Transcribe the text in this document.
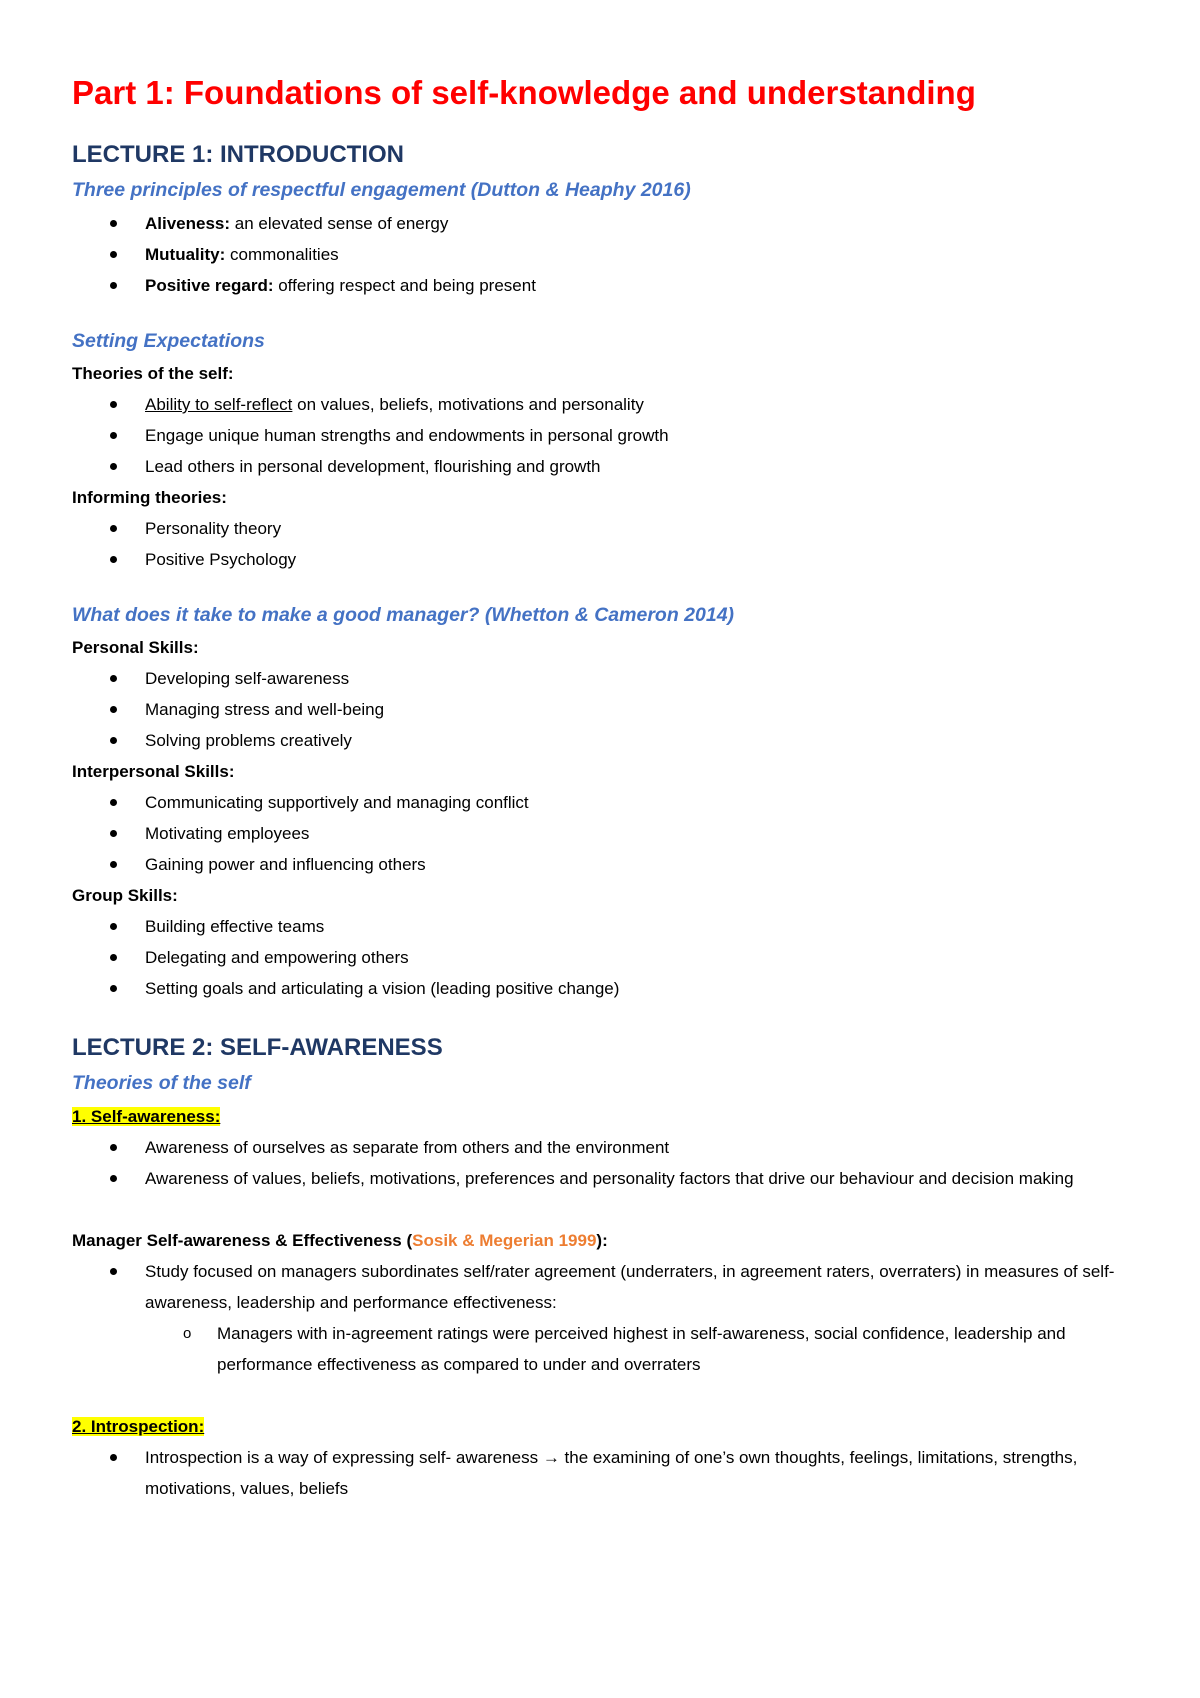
Part 1: Foundations of self-knowledge and understanding
LECTURE 1: INTRODUCTION
Three principles of respectful engagement (Dutton & Heaphy 2016)
Aliveness: an elevated sense of energy
Mutuality: commonalities
Positive regard: offering respect and being present
Setting Expectations
Theories of the self:
Ability to self-reflect on values, beliefs, motivations and personality
Engage unique human strengths and endowments in personal growth
Lead others in personal development, flourishing and growth
Informing theories:
Personality theory
Positive Psychology
What does it take to make a good manager? (Whetton & Cameron 2014)
Personal Skills:
Developing self-awareness
Managing stress and well-being
Solving problems creatively
Interpersonal Skills:
Communicating supportively and managing conflict
Motivating employees
Gaining power and influencing others
Group Skills:
Building effective teams
Delegating and empowering others
Setting goals and articulating a vision (leading positive change)
LECTURE 2: SELF-AWARENESS
Theories of the self
1. Self-awareness:
Awareness of ourselves as separate from others and the environment
Awareness of values, beliefs, motivations, preferences and personality factors that drive our behaviour and decision making
Manager Self-awareness & Effectiveness (Sosik & Megerian 1999):
Study focused on managers subordinates self/rater agreement (underraters, in agreement raters, overraters) in measures of self-awareness, leadership and performance effectiveness:
o Managers with in-agreement ratings were perceived highest in self-awareness, social confidence, leadership and performance effectiveness as compared to under and overraters
2. Introspection:
Introspection is a way of expressing self- awareness → the examining of one’s own thoughts, feelings, limitations, strengths, motivations, values, beliefs
